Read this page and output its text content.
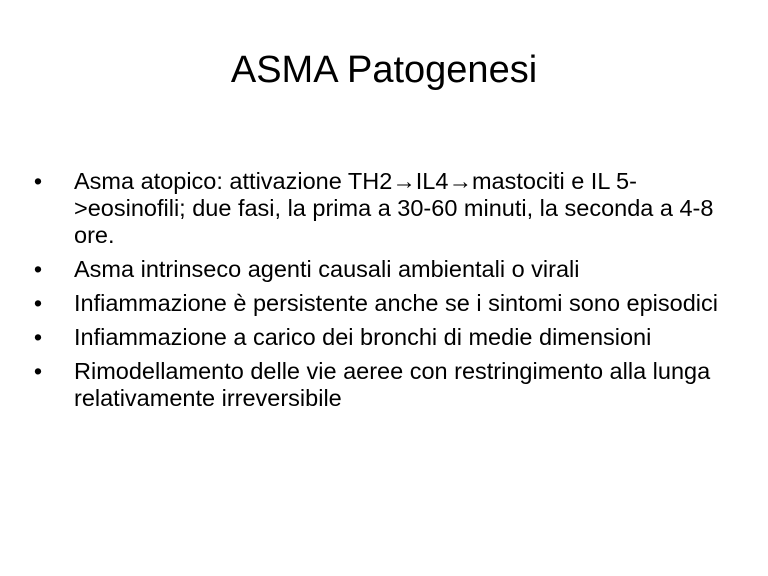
ASMA Patogenesi
• Asma atopico: attivazione TH2→IL4→mastociti e IL 5->eosinofili; due fasi, la prima a 30-60 minuti, la seconda a 4-8 ore.
• Asma intrinseco agenti causali ambientali o virali
• Infiammazione è persistente anche se i sintomi sono episodici
• Infiammazione a carico dei bronchi di medie dimensioni
• Rimodellamento delle vie aeree con restringimento alla lunga relativamente irreversibile
